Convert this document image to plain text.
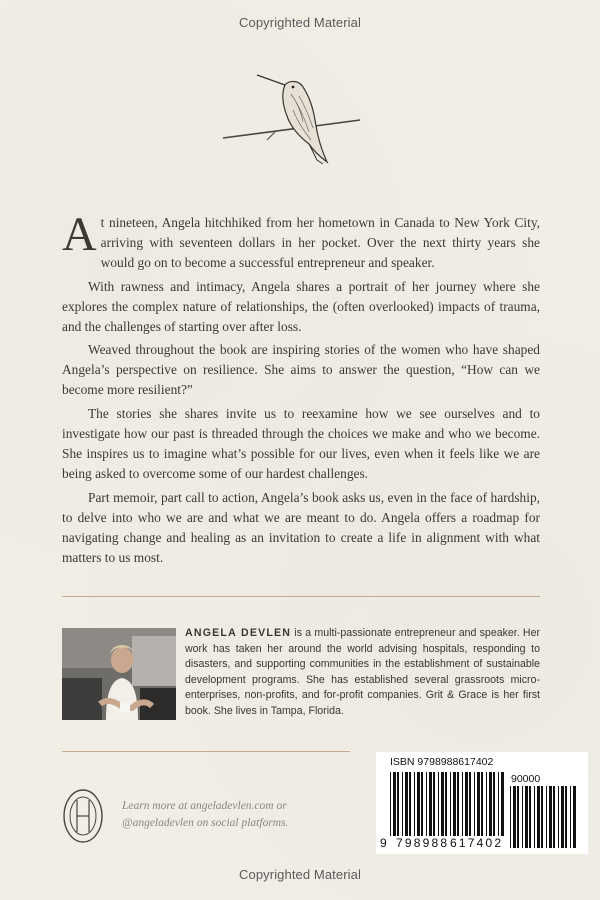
Copyrighted Material

At nineteen, Angela hitchhiked from her hometown in Canada to New York City, arriving with seventeen dollars in her pocket. Over the next thirty years she would go on to become a successful entrepreneur and speaker.

With rawness and intimacy, Angela shares a portrait of her journey where she explores the complex nature of relationships, the (often overlooked) impacts of trauma, and the challenges of starting over after loss.

Weaved throughout the book are inspiring stories of the women who have shaped Angela’s perspective on resilience. She aims to answer the question, “How can we become more resilient?”

The stories she shares invite us to reexamine how we see ourselves and to investigate how our past is threaded through the choices we make and who we become. She inspires us to imagine what’s possible for our lives, even when it feels like we are being asked to overcome some of our hardest challenges.

Part memoir, part call to action, Angela’s book asks us, even in the face of hardship, to delve into who we are and what we are meant to do. Angela offers a roadmap for navigating change and healing as an invitation to create a life in alignment with what matters to us most.

ANGELA DEVLEN is a multi-passionate entrepreneur and speaker. Her work has taken her around the world advising hospitals, responding to disasters, and supporting communities in the establishment of sustainable development programs. She has established several grassroots micro-enterprises, non-profits, and for-profit companies. Grit & Grace is her first book. She lives in Tampa, Florida.
Learn more at angeladevlen.com or @angeladevlen on social platforms.
ISBN 9798988617402
90000
9 798988 617402
Copyrighted Material
